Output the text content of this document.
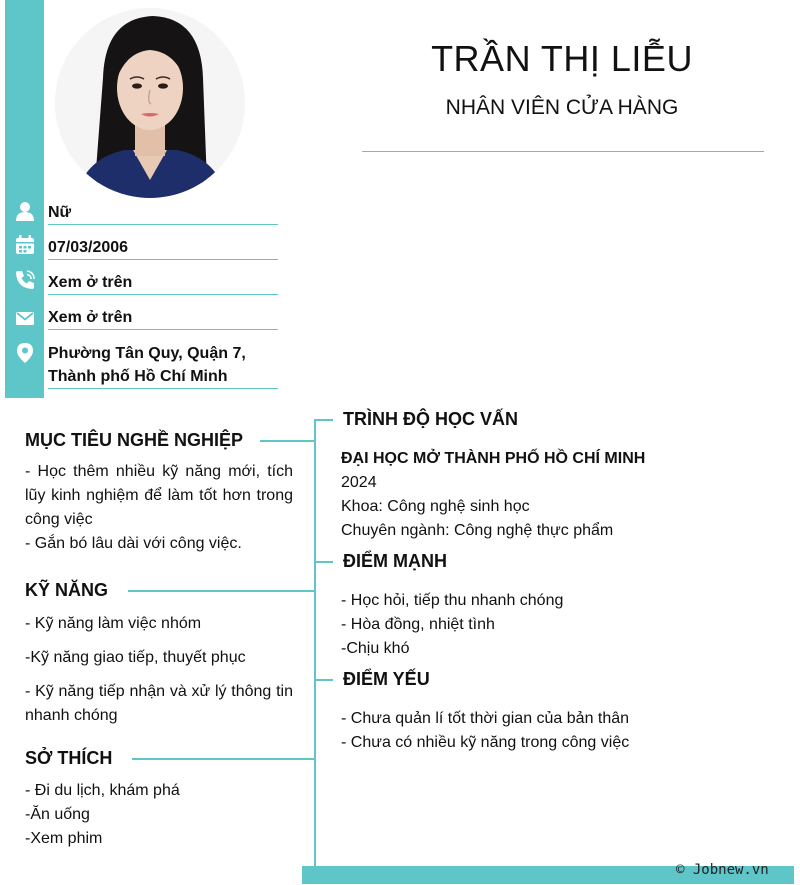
TRẦN THỊ LIỄU
NHÂN VIÊN CỬA HÀNG
Nữ
07/03/2006
Xem ở trên
Xem ở trên
Phường Tân Quy, Quận 7,
Thành phố Hồ Chí Minh
MỤC TIÊU NGHỀ NGHIỆP
- Học thêm nhiều kỹ năng mới, tích lũy kinh nghiệm để làm tốt hơn trong công việc
- Gắn bó lâu dài với công việc.
KỸ NĂNG
- Kỹ năng làm việc nhóm
-Kỹ năng giao tiếp, thuyết phục
- Kỹ năng tiếp nhận và xử lý thông tin nhanh chóng
SỞ THÍCH
- Đi du lịch, khám phá
-Ăn uống
-Xem phim
TRÌNH ĐỘ HỌC VẤN
ĐẠI HỌC MỞ THÀNH PHỐ HỒ CHÍ MINH
2024
Khoa: Công nghệ sinh học
Chuyên ngành: Công nghệ thực phẩm
ĐIỂM MẠNH
- Học hỏi, tiếp thu nhanh chóng
- Hòa đồng, nhiệt tình
-Chịu khó
ĐIỂM YẾU
- Chưa quản lí tốt thời gian của bản thân
- Chưa có nhiều kỹ năng trong công việc
© Jobnew.vn
